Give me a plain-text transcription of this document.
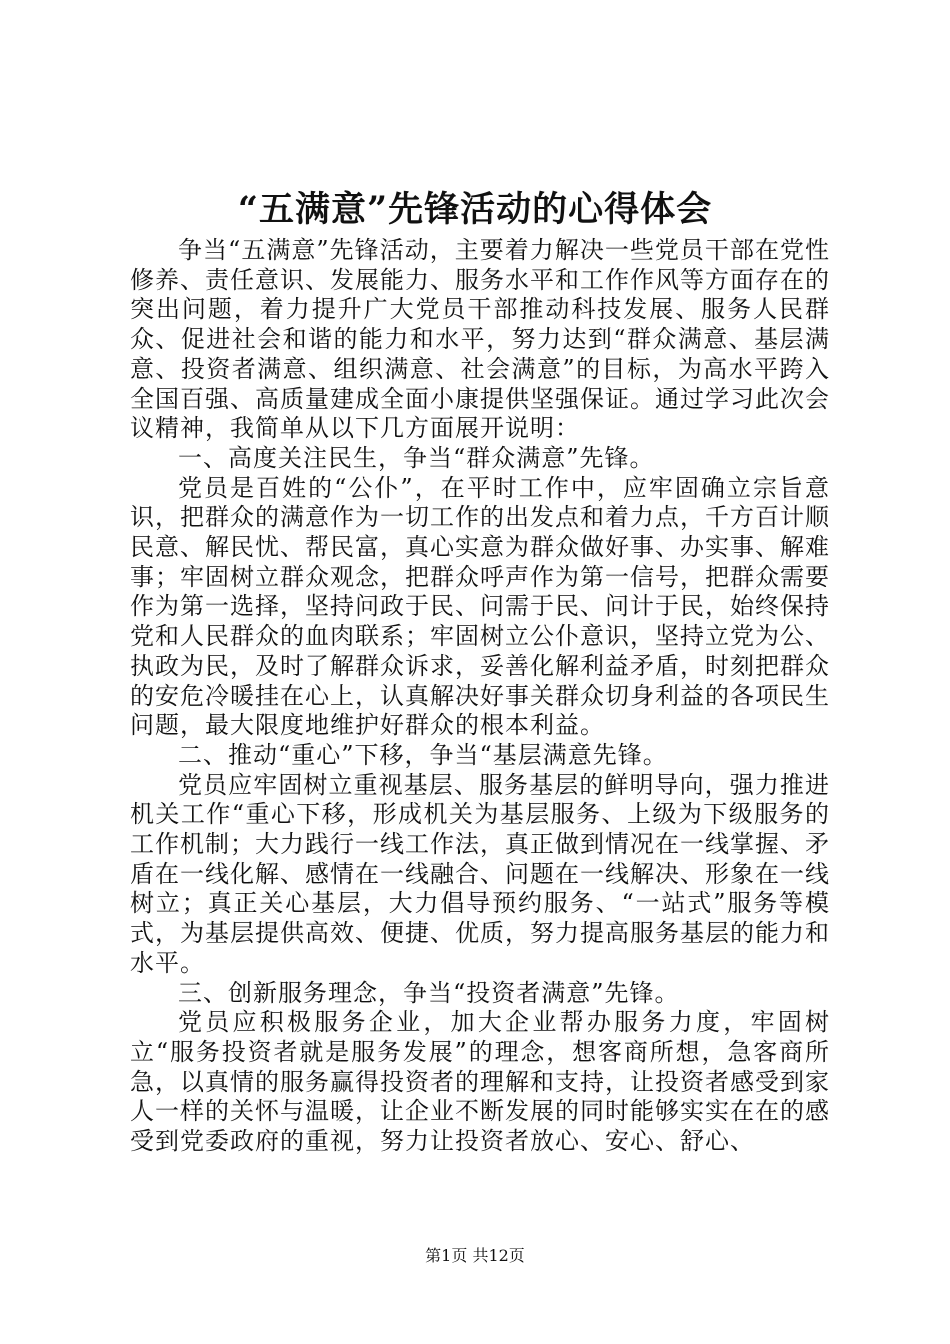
“五满意”先锋活动的心得体会

争当“五满意”先锋活动，主要着力解决一些党员干部在党性修养、责任意识、发展能力、服务水平和工作作风等方面存在的突出问题，着力提升广大党员干部推动科技发展、服务人民群众、促进社会和谐的能力和水平，努力达到“群众满意、基层满意、投资者满意、组织满意、社会满意”的目标，为高水平跨入全国百强、高质量建成全面小康提供坚强保证。通过学习此次会议精神，我简单从以下几方面展开说明：

一、高度关注民生，争当“群众满意”先锋。

党员是百姓的“公仆”，在平时工作中，应牢固确立宗旨意识，把群众的满意作为一切工作的出发点和着力点，千方百计顺民意、解民忧、帮民富，真心实意为群众做好事、办实事、解难事；牢固树立群众观念，把群众呼声作为第一信号，把群众需要作为第一选择，坚持问政于民、问需于民、问计于民，始终保持党和人民群众的血肉联系；牢固树立公仆意识，坚持立党为公、执政为民，及时了解群众诉求，妥善化解利益矛盾，时刻把群众的安危冷暖挂在心上，认真解决好事关群众切身利益的各项民生问题，最大限度地维护好群众的根本利益。

二、推动“重心”下移，争当“基层满意先锋。

党员应牢固树立重视基层、服务基层的鲜明导向，强力推进机关工作“重心下移，形成机关为基层服务、上级为下级服务的工作机制；大力践行一线工作法，真正做到情况在一线掌握、矛盾在一线化解、感情在一线融合、问题在一线解决、形象在一线树立；真正关心基层，大力倡导预约服务、“一站式”服务等模式，为基层提供高效、便捷、优质，努力提高服务基层的能力和水平。

三、创新服务理念，争当“投资者满意”先锋。

党员应积极服务企业，加大企业帮办服务力度，牢固树立“服务投资者就是服务发展”的理念，想客商所想，急客商所急，以真情的服务赢得投资者的理解和支持，让投资者感受到家人一样的关怀与温暖，让企业不断发展的同时能够实实在在的感受到党委政府的重视，努力让投资者放心、安心、舒心、

第1页 共12页
